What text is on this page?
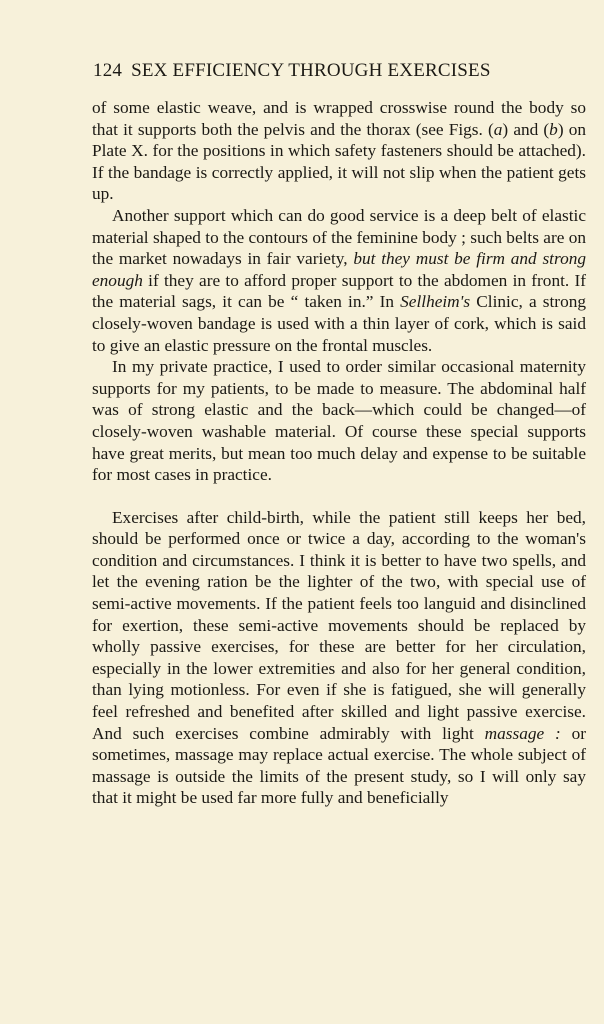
124 SEX EFFICIENCY THROUGH EXERCISES

of some elastic weave, and is wrapped crosswise round the body so that it supports both the pelvis and the thorax (see Figs. (a) and (b) on Plate X. for the positions in which safety fasteners should be attached). If the bandage is correctly applied, it will not slip when the patient gets up.

Another support which can do good service is a deep belt of elastic material shaped to the contours of the feminine body ; such belts are on the market nowadays in fair variety, but they must be firm and strong enough if they are to afford proper support to the abdomen in front. If the material sags, it can be “ taken in.” In Sellheim's Clinic, a strong closely-woven bandage is used with a thin layer of cork, which is said to give an elastic pressure on the frontal muscles.

In my private practice, I used to order similar occasional maternity supports for my patients, to be made to measure. The abdominal half was of strong elastic and the back—which could be changed—of closely-woven washable material. Of course these special supports have great merits, but mean too much delay and expense to be suitable for most cases in practice.

Exercises after child-birth, while the patient still keeps her bed, should be performed once or twice a day, according to the woman's condition and circumstances. I think it is better to have two spells, and let the evening ration be the lighter of the two, with special use of semi-active movements. If the patient feels too languid and disinclined for exertion, these semi-active movements should be replaced by wholly passive exercises, for these are better for her circulation, especially in the lower extremities and also for her general condition, than lying motionless. For even if she is fatigued, she will generally feel refreshed and benefited after skilled and light passive exercise. And such exercises combine admirably with light massage : or sometimes, massage may replace actual exercise. The whole subject of massage is outside the limits of the present study, so I will only say that it might be used far more fully and beneficially
